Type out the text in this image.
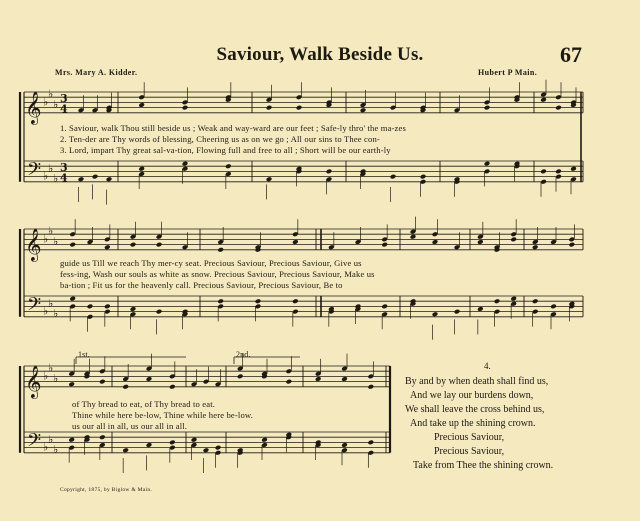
𝄞
𝄢
♭
♭
♭
♭
♭
♭
3
4
3
4
𝄞
𝄢
♭
♭
♭
♭
♭
♭
𝄞
𝄢
♭
♭
♭
♭
♭
♭
Saviour, Walk Beside Us.	67
Mrs. Mary A. Kidder.	Hubert P Main.
1. Saviour, walk Thou still beside us ; Weak and way-ward are our feet ; Safe-ly thro' the ma-zes
2. Ten-der are Thy words of blessing, Cheering us as on we go ; All our sins to Thee con-
3. Lord, impart Thy great sal-va-tion, Flowing full and free to all ; Short will be our earth-ly
guide us Till we reach Thy mer-cy seat. Precious Saviour, Precious Saviour, Give us
fess-ing, Wash our souls as white as snow. Precious Saviour, Precious Saviour, Make us
ba-tion ; Fit us for the heavenly call. Precious Saviour, Precious Saviour, Be to
1st.	2nd.
of Thy bread to eat, of Thy bread to eat.
Thine while here be-low, Thine while here be-low.
us our all in all, us our all in all.
4.
By and by when death shall find us,
And we lay our burdens down,
We shall leave the cross behind us,
And take up the shining crown.
Precious Saviour,
Precious Saviour,
Take from Thee the shining crown.
Copyright, 1875, by Biglow & Main.
